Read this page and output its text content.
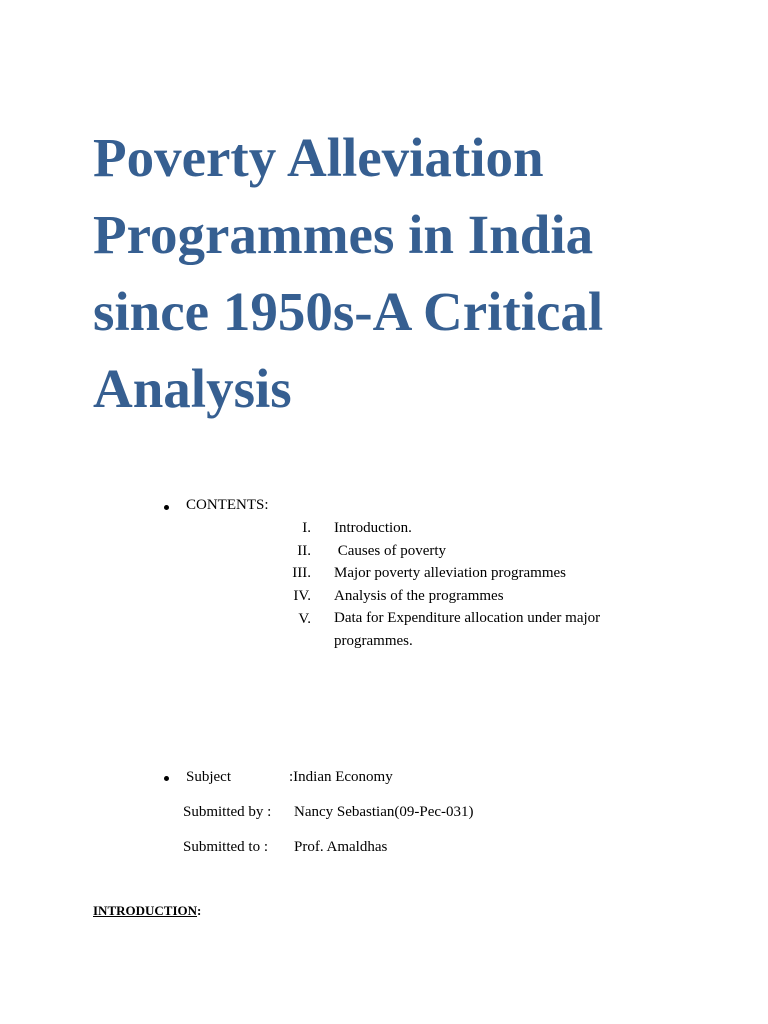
Poverty Alleviation
Programmes in India
since 1950s-A Critical
Analysis
CONTENTS:
I.
II.
III.
IV.
V.
Introduction.
Causes of poverty
Major poverty alleviation programmes
Analysis of the programmes
Data for Expenditure allocation under major programmes.
Subject	:Indian Economy
Submitted by : Nancy Sebastian(09-Pec-031)
Submitted to : Prof. Amaldhas
INTRODUCTION:
